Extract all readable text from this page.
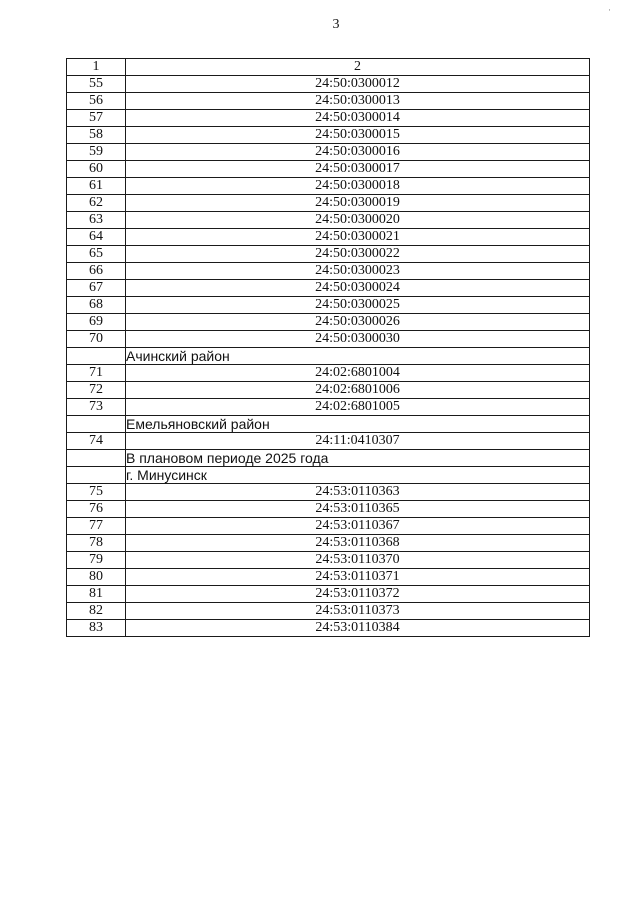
3
·
1	2
55	24:50:0300012
56	24:50:0300013
57	24:50:0300014
58	24:50:0300015
59	24:50:0300016
60	24:50:0300017
61	24:50:0300018
62	24:50:0300019
63	24:50:0300020
64	24:50:0300021
65	24:50:0300022
66	24:50:0300023
67	24:50:0300024
68	24:50:0300025
69	24:50:0300026
70	24:50:0300030
	Ачинский район
71	24:02:6801004
72	24:02:6801006
73	24:02:6801005
	Емельяновский район
74	24:11:0410307
	В плановом периоде 2025 года
	г. Минусинск
75	24:53:0110363
76	24:53:0110365
77	24:53:0110367
78	24:53:0110368
79	24:53:0110370
80	24:53:0110371
81	24:53:0110372
82	24:53:0110373
83	24:53:0110384
